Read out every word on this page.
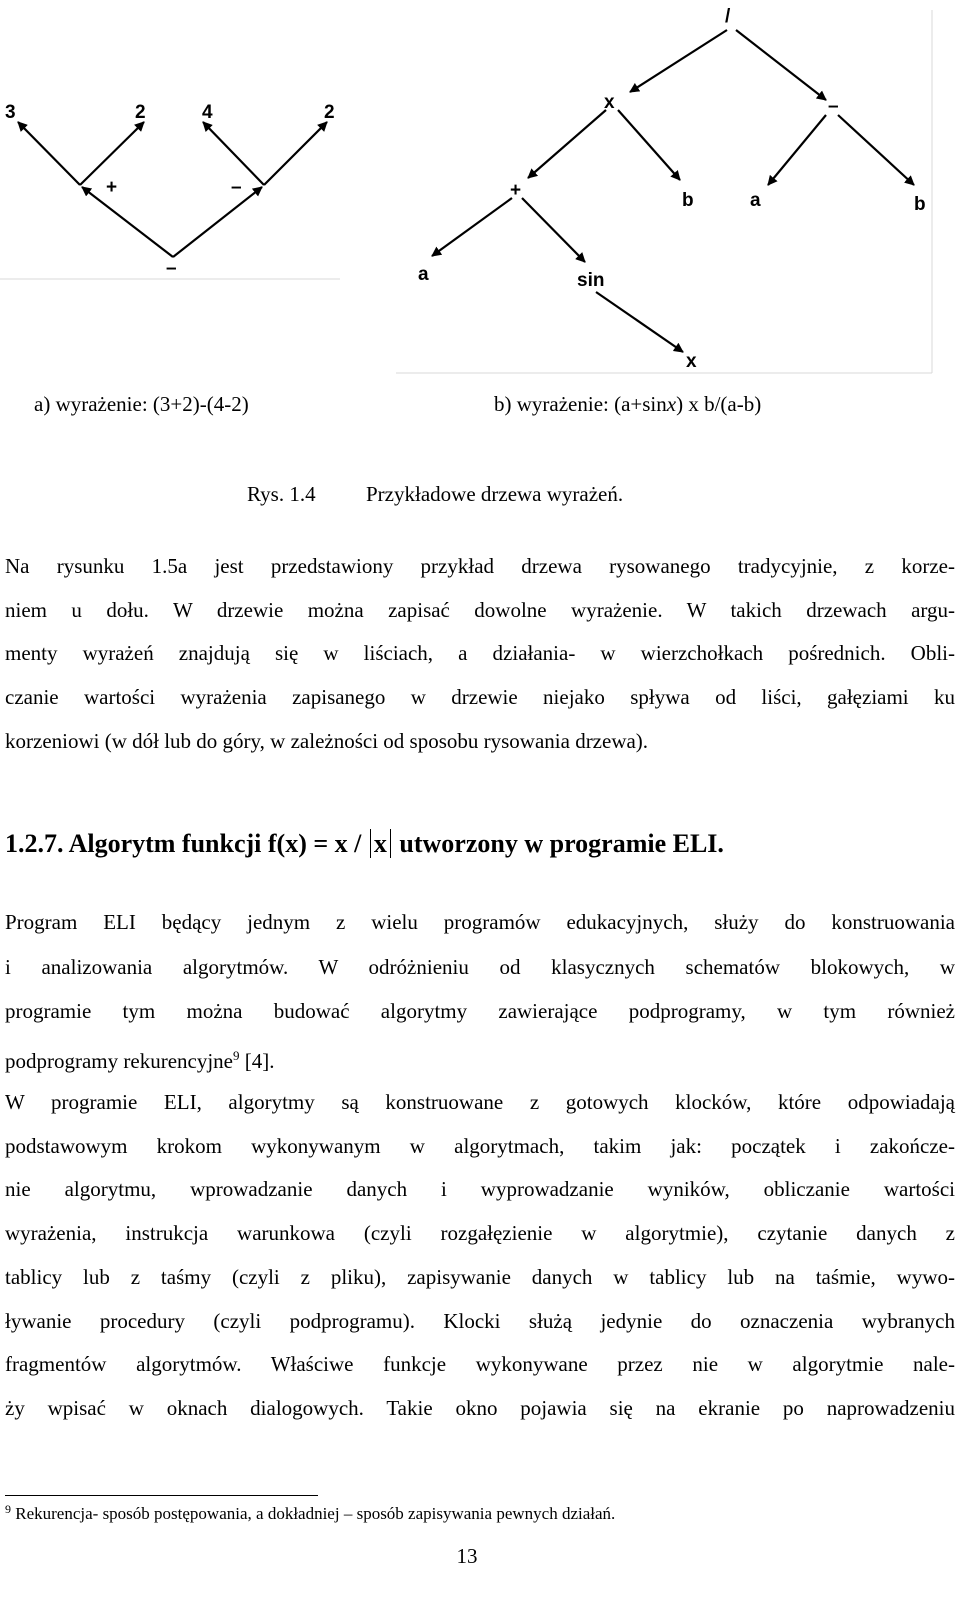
3	2	4	2
+	–
–
/
x	–
+	b	a	b
a	sin
x
a) wyrażenie: (3+2)-(4-2)	b) wyrażenie: (a+sinx) x b/(a-b)
Rys. 1.4 Przykładowe drzewa wyrażeń.

Na rysunku 1.5a jest przedstawiony przykład drzewa rysowanego tradycyjnie, z korze-
niem u dołu. W drzewie można zapisać dowolne wyrażenie. W takich drzewach argu-
menty wyrażeń znajdują się w liściach, a działania- w wierzchołkach pośrednich. Obli-
czanie wartości wyrażenia zapisanego w drzewie niejako spływa od liści, gałęziami ku
korzeniowi (w dół lub do góry, w zależności od sposobu rysowania drzewa).

1.2.7. Algorytm funkcji f(x) = x / x utworzony w programie ELI.

Program ELI będący jednym z wielu programów edukacyjnych, służy do konstruowania
i analizowania algorytmów. W odróżnieniu od klasycznych schematów blokowych, w
programie tym można budować algorytmy zawierające podprogramy, w tym również
podprogramy rekurencyjne$^9$ [4].

W programie ELI, algorytmy są konstruowane z gotowych klocków, które odpowiadają
podstawowym krokom wykonywanym w algorytmach, takim jak: początek i zakończe-
nie algorytmu, wprowadzanie danych i wyprowadzanie wyników, obliczanie wartości
wyrażenia, instrukcja warunkowa (czyli rozgałęzienie w algorytmie), czytanie danych z
tablicy lub z taśmy (czyli z pliku), zapisywanie danych w tablicy lub na taśmie, wywo-
ływanie procedury (czyli podprogramu). Klocki służą jedynie do oznaczenia wybranych
fragmentów algorytmów. Właściwe funkcje wykonywane przez nie w algorytmie nale-
ży wpisać w oknach dialogowych. Takie okno pojawia się na ekranie po naprowadzeniu

$^9$ Rekurencja- sposób postępowania, a dokładniej – sposób zapisywania pewnych działań.
13
